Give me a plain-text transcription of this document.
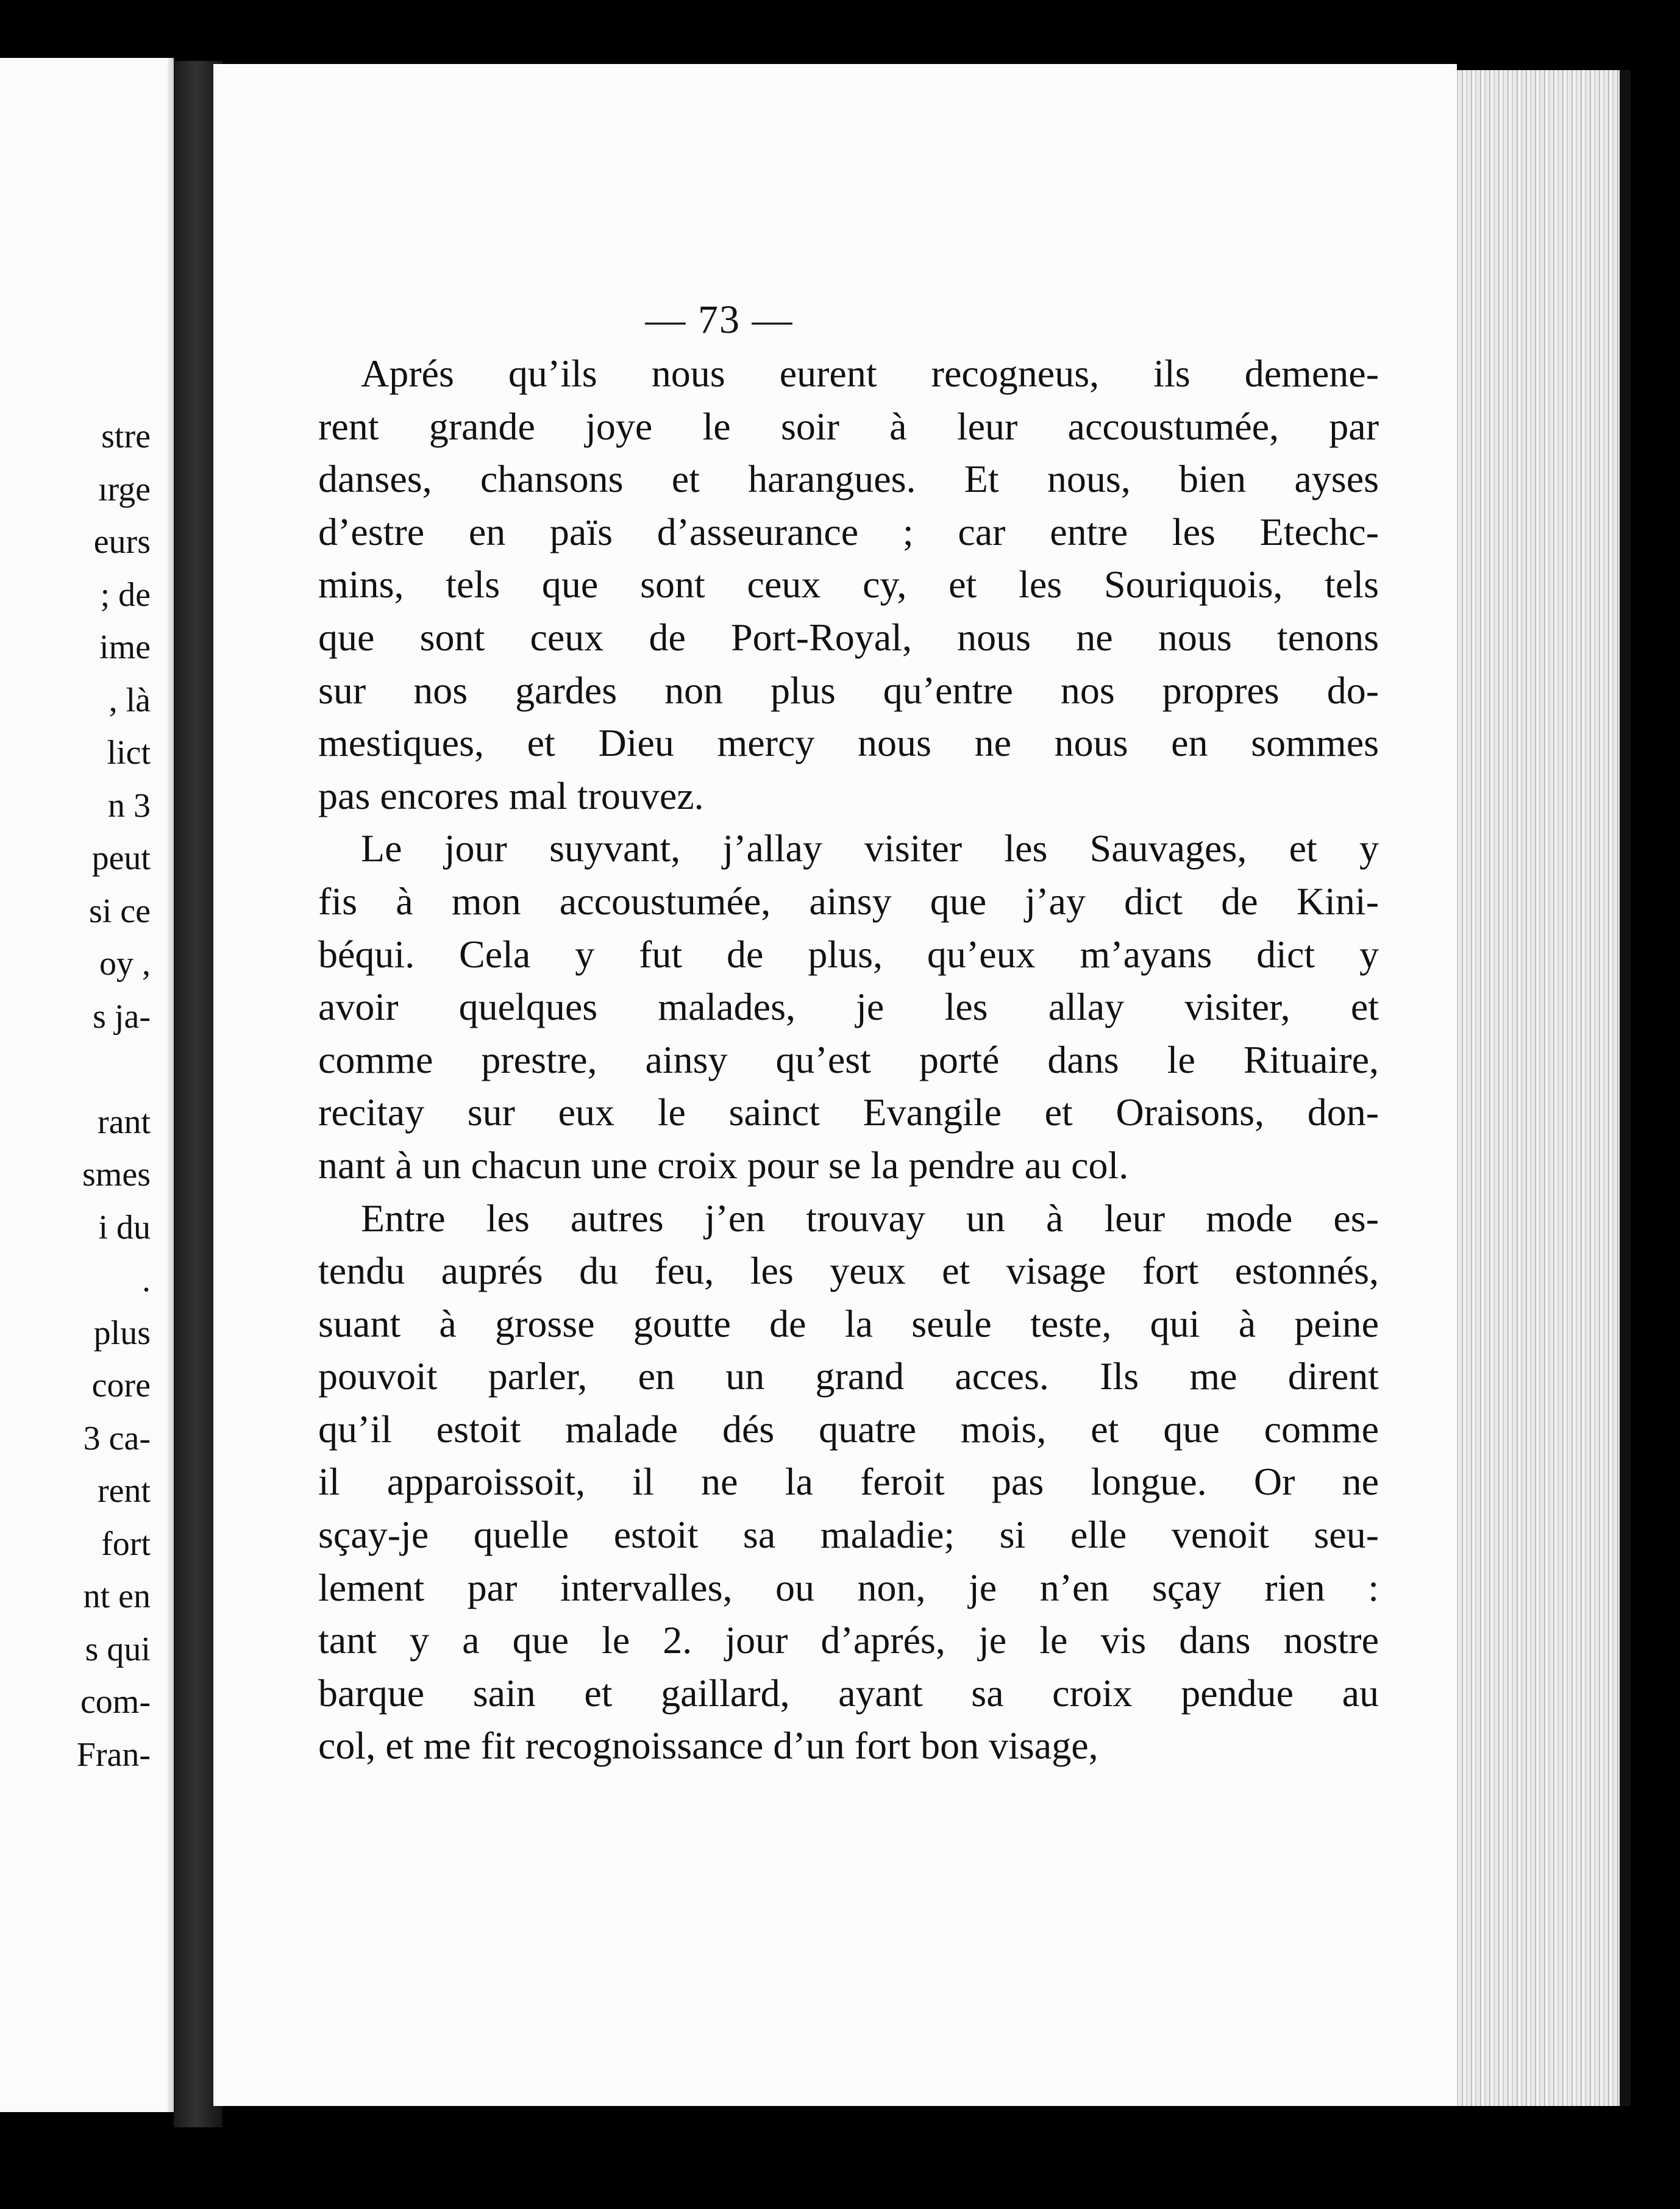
stre
ırge
eurs
; de
ime
, là
lict
n 3
peut
si ce
oy ,
s ja-
rant
smes
i du
.
plus
core
3 ca-
rent
fort
nt en
s qui
com-
Fran-
— 73 —
Aprés qu’ils nous eurent recogneus, ils demene-
rent grande joye le soir à leur accoustumée, par
danses, chansons et harangues. Et nous, bien ayses
d’estre en païs d’asseurance ; car entre les Etechc-
mins, tels que sont ceux cy, et les Souriquois, tels
que sont ceux de Port-Royal, nous ne nous tenons
sur nos gardes non plus qu’entre nos propres do-
mestiques, et Dieu mercy nous ne nous en sommes
pas encores mal trouvez.
Le jour suyvant, j’allay visiter les Sauvages, et y
fis à mon accoustumée, ainsy que j’ay dict de Kini-
béqui. Cela y fut de plus, qu’eux m’ayans dict y
avoir quelques malades, je les allay visiter, et
comme prestre, ainsy qu’est porté dans le Rituaire,
recitay sur eux le sainct Evangile et Oraisons, don-
nant à un chacun une croix pour se la pendre au col.
Entre les autres j’en trouvay un à leur mode es-
tendu auprés du feu, les yeux et visage fort estonnés,
suant à grosse goutte de la seule teste, qui à peine
pouvoit parler, en un grand acces. Ils me dirent
qu’il estoit malade dés quatre mois, et que comme
il apparoissoit, il ne la feroit pas longue. Or ne
sçay-je quelle estoit sa maladie; si elle venoit seu-
lement par intervalles, ou non, je n’en sçay rien :
tant y a que le 2. jour d’aprés, je le vis dans nostre
barque sain et gaillard, ayant sa croix pendue au
col, et me fit recognoissance d’un fort bon visage,
